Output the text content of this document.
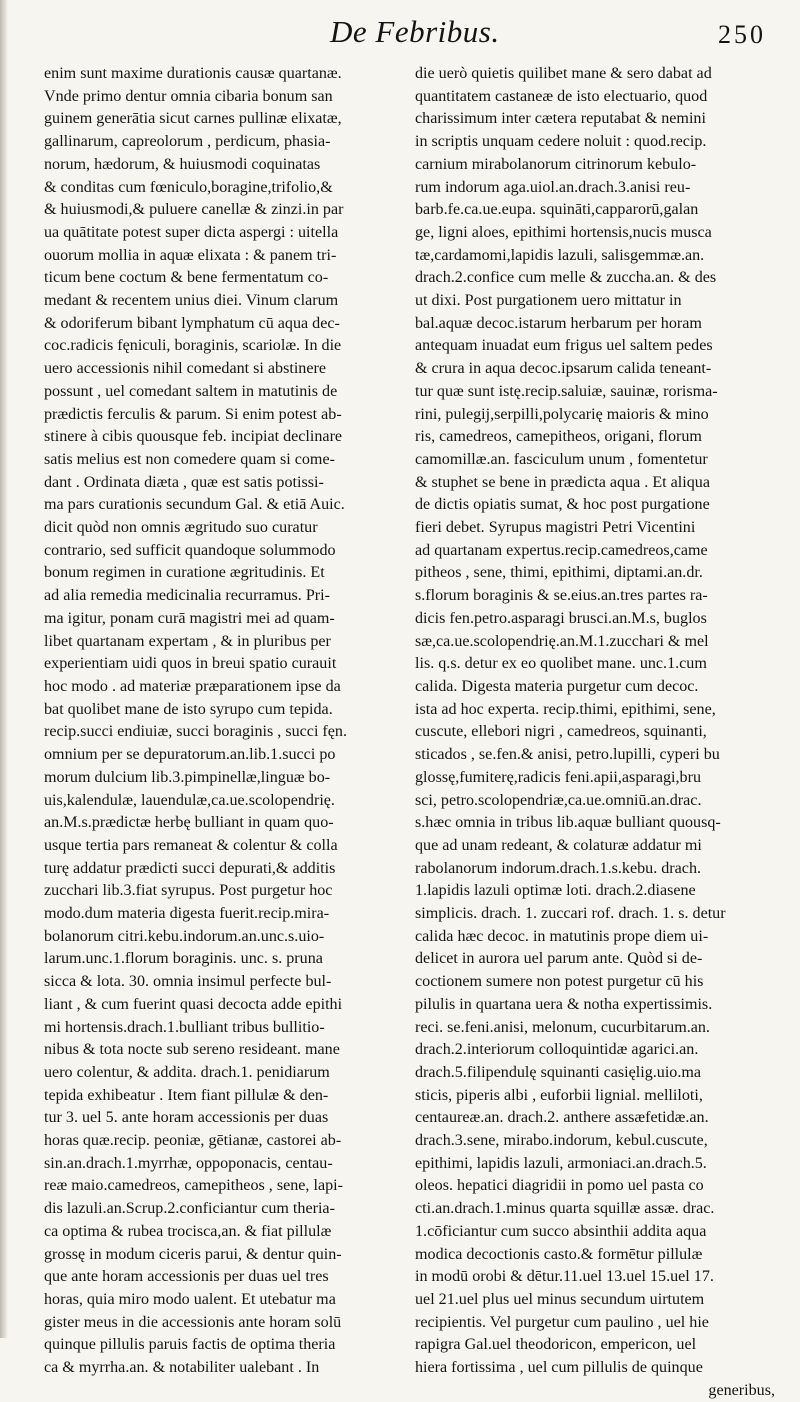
De Febribus.	250
enim sunt maxime durationis causæ quartanæ.
Vnde primo dentur omnia cibaria bonum san
guinem generātia sicut carnes pullinæ elixatæ,
gallinarum, capreolorum , perdicum, phasia-
norum, hædorum, & huiusmodi coquinatas
& conditas cum fœniculo,boragine,trifolio,&
& huiusmodi,& puluere canellæ & zinzi.in par
ua quātitate potest super dicta aspergi : uitella
ouorum mollia in aquæ elixata : & panem tri-
ticum bene coctum & bene fermentatum co-
medant & recentem unius diei. Vinum clarum
& odoriferum bibant lymphatum cū aqua dec-
coc.radicis fęniculi, boraginis, scariolæ. In die
uero accessionis nihil comedant si abstinere
possunt , uel comedant saltem in matutinis de
prædictis ferculis & parum. Si enim potest ab-
stinere à cibis quousque feb. incipiat declinare
satis melius est non comedere quam si come-
dant . Ordinata diæta , quæ est satis potissi-
ma pars curationis secundum Gal. & etiā Auic.
dicit quòd non omnis ægritudo suo curatur
contrario, sed sufficit quandoque solummodo
bonum regimen in curatione ægritudinis. Et
ad alia remedia medicinalia recurramus. Pri-
ma igitur, ponam curā magistri mei ad quam-
libet quartanam expertam , & in pluribus per
experientiam uidi quos in breui spatio curauit
hoc modo . ad materiæ præparationem ipse da
bat quolibet mane de isto syrupo cum tepida.
recip.succi endiuiæ, succi boraginis , succi fęn.
omnium per se depuratorum.an.lib.1.succi po
morum dulcium lib.3.pimpinellæ,linguæ bo-
uis,kalendulæ, lauendulæ,ca.ue.scolopendrię.
an.M.s.prædictæ herbę bulliant in quam quo-
usque tertia pars remaneat & colentur & colla
turę addatur prædicti succi depurati,& additis
zucchari lib.3.fiat syrupus. Post purgetur hoc
modo.dum materia digesta fuerit.recip.mira-
bolanorum citri.kebu.indorum.an.unc.s.uio-
larum.unc.1.florum boraginis. unc. s. pruna
sicca & lota. 30. omnia insimul perfecte bul-
liant , & cum fuerint quasi decocta adde epithi
mi hortensis.drach.1.bulliant tribus bullitio-
nibus & tota nocte sub sereno resideant. mane
uero colentur, & addita. drach.1. penidiarum
tepida exhibeatur . Item fiant pillulæ & den-
tur 3. uel 5. ante horam accessionis per duas
horas quæ.recip. peoniæ, gētianæ, castorei ab-
sin.an.drach.1.myrrhæ, oppoponacis, centau-
reæ maio.camedreos, camepitheos , sene, lapi-
dis lazuli.an.Scrup.2.conficiantur cum theria-
ca optima & rubea trocisca,an. & fiat pillulæ
grossę in modum ciceris parui, & dentur quin-
que ante horam accessionis per duas uel tres
horas, quia miro modo ualent. Et utebatur ma
gister meus in die accessionis ante horam solū
quinque pillulis paruis factis de optima theria
ca & myrrha.an. & notabiliter ualebant . In
die uerò quietis quilibet mane & sero dabat ad
quantitatem castaneæ de isto electuario, quod
charissimum inter cætera reputabat & nemini
in scriptis unquam cedere noluit : quod.recip.
carnium mirabolanorum citrinorum kebulo-
rum indorum aga.uiol.an.drach.3.anisi reu-
barb.fe.ca.ue.eupa. squināti,capparorū,galan
ge, ligni aloes, epithimi hortensis,nucis musca
tæ,cardamomi,lapidis lazuli, salisgemmæ.an.
drach.2.confice cum melle & zuccha.an. & des
ut dixi. Post purgationem uero mittatur in
bal.aquæ decoc.istarum herbarum per horam
antequam inuadat eum frigus uel saltem pedes
& crura in aqua decoc.ipsarum calida teneant-
tur quæ sunt istę.recip.saluiæ, sauinæ, rorisma-
rini, pulegij,serpilli,polycarię maioris & mino
ris, camedreos, camepitheos, origani, florum
camomillæ.an. fasciculum unum , fomentetur
& stuphet se bene in prædicta aqua . Et aliqua
de dictis opiatis sumat, & hoc post purgatione
fieri debet. Syrupus magistri Petri Vicentini
ad quartanam expertus.recip.camedreos,came
pitheos , sene, thimi, epithimi, diptami.an.dr.
s.florum boraginis & se.eius.an.tres partes ra-
dicis fen.petro.asparagi brusci.an.M.s, buglos
sæ,ca.ue.scolopendrię.an.M.1.zucchari & mel
lis. q.s. detur ex eo quolibet mane. unc.1.cum
calida. Digesta materia purgetur cum decoc.
ista ad hoc experta. recip.thimi, epithimi, sene,
cuscute, ellebori nigri , camedreos, squinanti,
sticados , se.fen.& anisi, petro.lupilli, cyperi bu
glossę,fumiterę,radicis feni.apii,asparagi,bru
sci, petro.scolopendriæ,ca.ue.omniū.an.drac.
s.hæc omnia in tribus lib.aquæ bulliant quousq-
que ad unam redeant, & colaturæ addatur mi
rabolanorum indorum.drach.1.s.kebu. drach.
1.lapidis lazuli optimæ loti. drach.2.diasene
simplicis. drach. 1. zuccari rof. drach. 1. s. detur
calida hæc decoc. in matutinis prope diem ui-
delicet in aurora uel parum ante. Quòd si de-
coctionem sumere non potest purgetur cū his
pilulis in quartana uera & notha expertissimis.
reci. se.feni.anisi, melonum, cucurbitarum.an.
drach.2.interiorum colloquintidæ agarici.an.
drach.5.filipendulę squinanti casięlig.uio.ma
sticis, piperis albi , euforbii lignial. melliloti,
centaureæ.an. drach.2. anthere assæfetidæ.an.
drach.3.sene, mirabo.indorum, kebul.cuscute,
epithimi, lapidis lazuli, armoniaci.an.drach.5.
oleos. hepatici diagridii in pomo uel pasta co
cti.an.drach.1.minus quarta squillæ assæ. drac.
1.cōficiantur cum succo absinthii addita aqua
modica decoctionis casto.& formētur pillulæ
in modū orobi & dētur.11.uel 13.uel 15.uel 17.
uel 21.uel plus uel minus secundum uirtutem
recipientis. Vel purgetur cum paulino , uel hie
rapigra Gal.uel theodoricon, empericon, uel
hiera fortissima , uel cum pillulis de quinque
generibus,
